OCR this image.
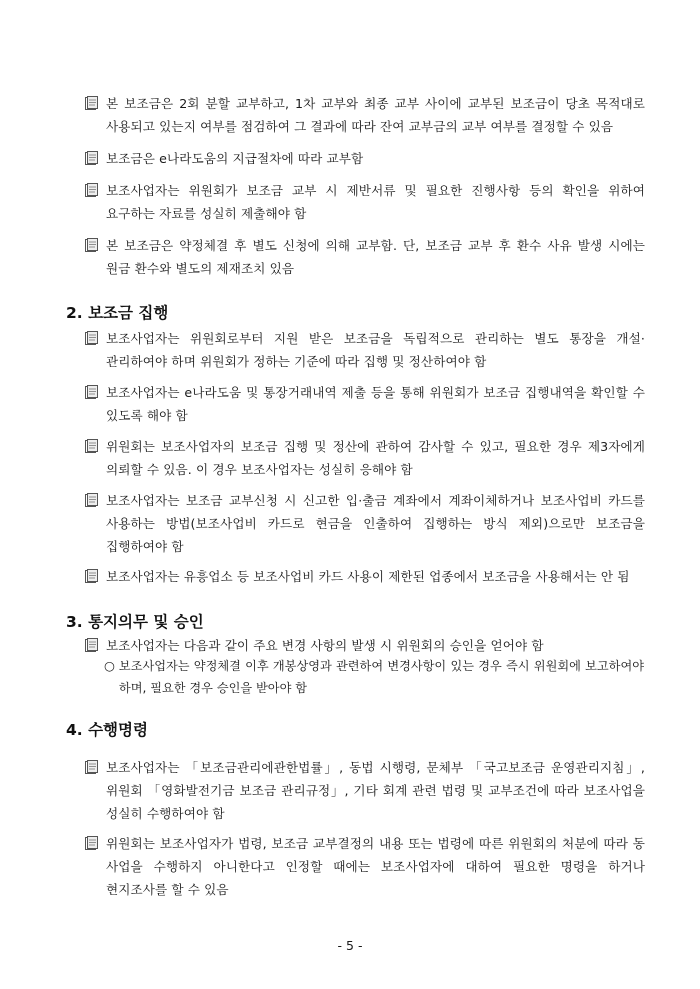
본 보조금은 2회 분할 교부하고, 1차 교부와 최종 교부 사이에 교부된 보조금이 당초 목적대로 사용되고 있는지 여부를 점검하여 그 결과에 따라 잔여 교부금의 교부 여부를 결정할 수 있음
보조금은 e나라도움의 지급절차에 따라 교부함
보조사업자는 위원회가 보조금 교부 시 제반서류 및 필요한 진행사항 등의 확인을 위하여 요구하는 자료를 성실히 제출해야 함
본 보조금은 약정체결 후 별도 신청에 의해 교부함. 단, 보조금 교부 후 환수 사유 발생 시에는 원금 환수와 별도의 제재조치 있음
2. 보조금 집행
보조사업자는 위원회로부터 지원 받은 보조금을 독립적으로 관리하는 별도 통장을 개설·관리하여야 하며 위원회가 정하는 기준에 따라 집행 및 정산하여야 함
보조사업자는 e나라도움 및 통장거래내역 제출 등을 통해 위원회가 보조금 집행내역을 확인할 수 있도록 해야 함
위원회는 보조사업자의 보조금 집행 및 정산에 관하여 감사할 수 있고, 필요한 경우 제3자에게 의뢰할 수 있음. 이 경우 보조사업자는 성실히 응해야 함
보조사업자는 보조금 교부신청 시 신고한 입·출금 계좌에서 계좌이체하거나 보조사업비 카드를 사용하는 방법(보조사업비 카드로 현금을 인출하여 집행하는 방식 제외)으로만 보조금을 집행하여야 함
보조사업자는 유흥업소 등 보조사업비 카드 사용이 제한된 업종에서 보조금을 사용해서는 안 됨
3. 통지의무 및 승인
보조사업자는 다음과 같이 주요 변경 사항의 발생 시 위원회의 승인을 얻어야 함
○ 보조사업자는 약정체결 이후 개봉상영과 관련하여 변경사항이 있는 경우 즉시 위원회에 보고하여야 하며, 필요한 경우 승인을 받아야 함
4. 수행명령
보조사업자는 「보조금관리에관한법률」, 동법 시행령, 문체부 「국고보조금 운영관리지침」, 위원회 「영화발전기금 보조금 관리규정」, 기타 회계 관련 법령 및 교부조건에 따라 보조사업을 성실히 수행하여야 함
위원회는 보조사업자가 법령, 보조금 교부결정의 내용 또는 법령에 따른 위원회의 처분에 따라 동 사업을 수행하지 아니한다고 인정할 때에는 보조사업자에 대하여 필요한 명령을 하거나 현지조사를 할 수 있음
- 5 -
